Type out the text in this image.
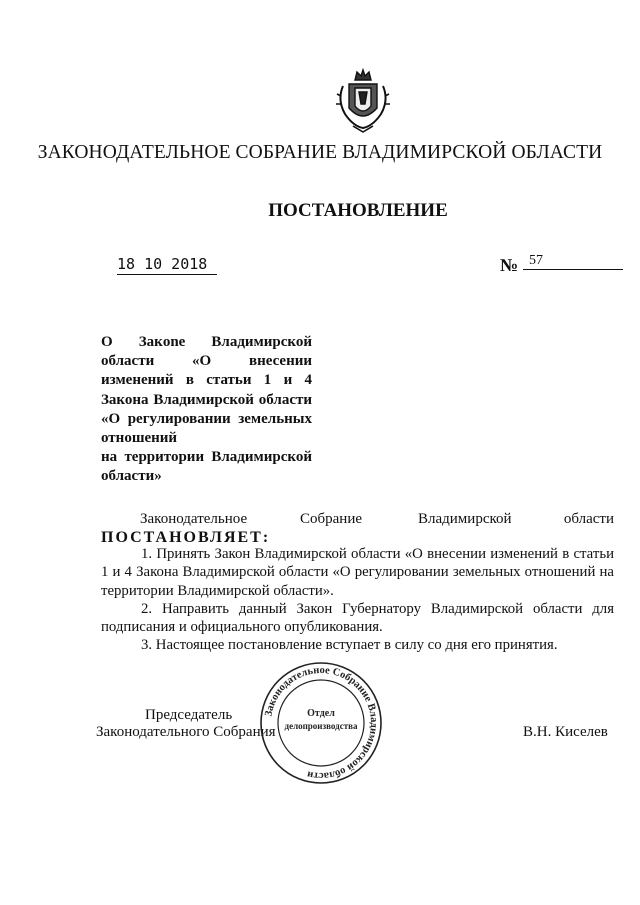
ЗАКОНОДАТЕЛЬНОЕ СОБРАНИЕ ВЛАДИМИРСКОЙ ОБЛАСТИ
ПОСТАНОВЛЕНИЕ
18 10 2018	№ 57
О Закone Владимирской
области «О внесении
изменений в статьи 1 и 4
Закона Владимирской области
«О регулировании земельных
отношений
на территории Владимирской
области»
Законодательное	Собрание	Владимирской	области
ПОСТАНОВЛЯЕТ:
1. Принять Закон Владимирской области «О внесении изменений в статьи 1 и 4 Закона Владимирской области «О регулировании земельных отношений на территории Владимирской области».
2. Направить данный Закон Губернатору Владимирской области для подписания и официального опубликования.
3. Настоящее постановление вступает в силу со дня его принятия.
Председатель
Законодательного Собрания	В.Н. Киселев
Законодательное Собрание Владимирской области
Отдел
делопроизводства
